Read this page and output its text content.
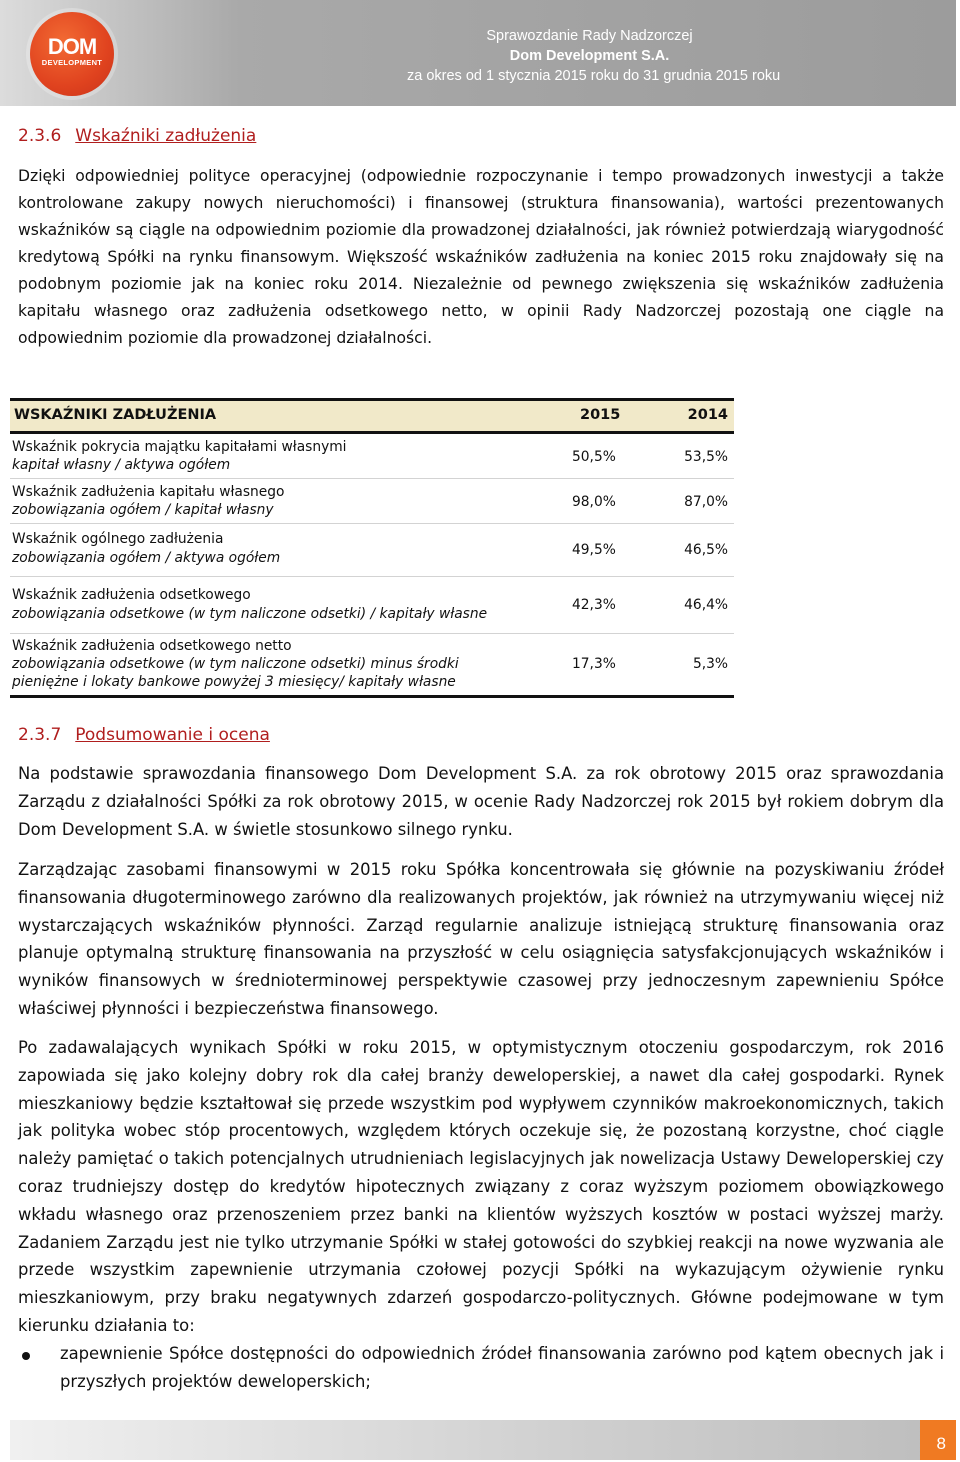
DOM
DEVELOPMENT
Sprawozdanie Rady Nadzorczej
Dom Development S.A.
za okres od 1 stycznia 2015 roku do 31 grudnia 2015 roku
2.3.6 Wskaźniki zadłużenia
Dzięki odpowiedniej polityce operacyjnej (odpowiednie rozpoczynanie i tempo prowadzonych inwestycji a także kontrolowane zakupy nowych nieruchomości) i finansowej (struktura finansowania), wartości prezentowanych wskaźników są ciągle na odpowiednim poziomie dla prowadzonej działalności, jak również potwierdzają wiarygodność kredytową Spółki na rynku finansowym. Większość wskaźników zadłużenia na koniec 2015 roku znajdowały się na podobnym poziomie jak na koniec roku 2014. Niezależnie od pewnego zwiększenia się wskaźników zadłużenia kapitału własnego oraz zadłużenia odsetkowego netto, w opinii Rady Nadzorczej pozostają one ciągle na odpowiednim poziomie dla prowadzonej działalności.
WSKAŹNIKI ZADŁUŻENIA	2015	2014
Wskaźnik pokrycia majątku kapitałami własnymi
kapitał własny / aktywa ogółem	50,5%	53,5%
Wskaźnik zadłużenia kapitału własnego
zobowiązania ogółem / kapitał własny	98,0%	87,0%
Wskaźnik ogólnego zadłużenia
zobowiązania ogółem / aktywa ogółem	49,5%	46,5%
Wskaźnik zadłużenia odsetkowego
zobowiązania odsetkowe (w tym naliczone odsetki) / kapitały własne
42,3%	46,4%
Wskaźnik zadłużenia odsetkowego netto
zobowiązania odsetkowe (w tym naliczone odsetki) minus środki
pieniężne i lokaty bankowe powyżej 3 miesięcy/ kapitały własne
17,3%	5,3%
2.3.7 Podsumowanie i ocena
Na podstawie sprawozdania finansowego Dom Development S.A. za rok obrotowy 2015 oraz sprawozdania Zarządu z działalności Spółki za rok obrotowy 2015, w ocenie Rady Nadzorczej rok 2015 był rokiem dobrym dla Dom Development S.A. w świetle stosunkowo silnego rynku.
Zarządzając zasobami finansowymi w 2015 roku Spółka koncentrowała się głównie na pozyskiwaniu źródeł finansowania długoterminowego zarówno dla realizowanych projektów, jak również na utrzymywaniu więcej niż wystarczających wskaźników płynności. Zarząd regularnie analizuje istniejącą strukturę finansowania oraz planuje optymalną strukturę finansowania na przyszłość w celu osiągnięcia satysfakcjonujących wskaźników i wyników finansowych w średnioterminowej perspektywie czasowej przy jednoczesnym zapewnieniu Spółce właściwej płynności i bezpieczeństwa finansowego.
Po zadawalających wynikach Spółki w roku 2015, w optymistycznym otoczeniu gospodarczym, rok 2016 zapowiada się jako kolejny dobry rok dla całej branży deweloperskiej, a nawet dla całej gospodarki. Rynek mieszkaniowy będzie kształtował się przede wszystkim pod wypływem czynników makroekonomicznych, takich jak polityka wobec stóp procentowych, względem których oczekuje się, że pozostaną korzystne, choć ciągle należy pamiętać o takich potencjalnych utrudnieniach legislacyjnych jak nowelizacja Ustawy Deweloperskiej czy coraz trudniejszy dostęp do kredytów hipotecznych związany z coraz wyższym poziomem obowiązkowego wkładu własnego oraz przenoszeniem przez banki na klientów wyższych kosztów w postaci wyższej marży. Zadaniem Zarządu jest nie tylko utrzymanie Spółki w stałej gotowości do szybkiej reakcji na nowe wyzwania ale przede wszystkim zapewnienie utrzymania czołowej pozycji Spółki na wykazującym ożywienie rynku mieszkaniowym, przy braku negatywnych zdarzeń gospodarczo-politycznych. Główne podejmowane w tym kierunku działania to:
zapewnienie Spółce dostępności do odpowiednich źródeł finansowania zarówno pod kątem obecnych jak i przyszłych projektów deweloperskich;
8
